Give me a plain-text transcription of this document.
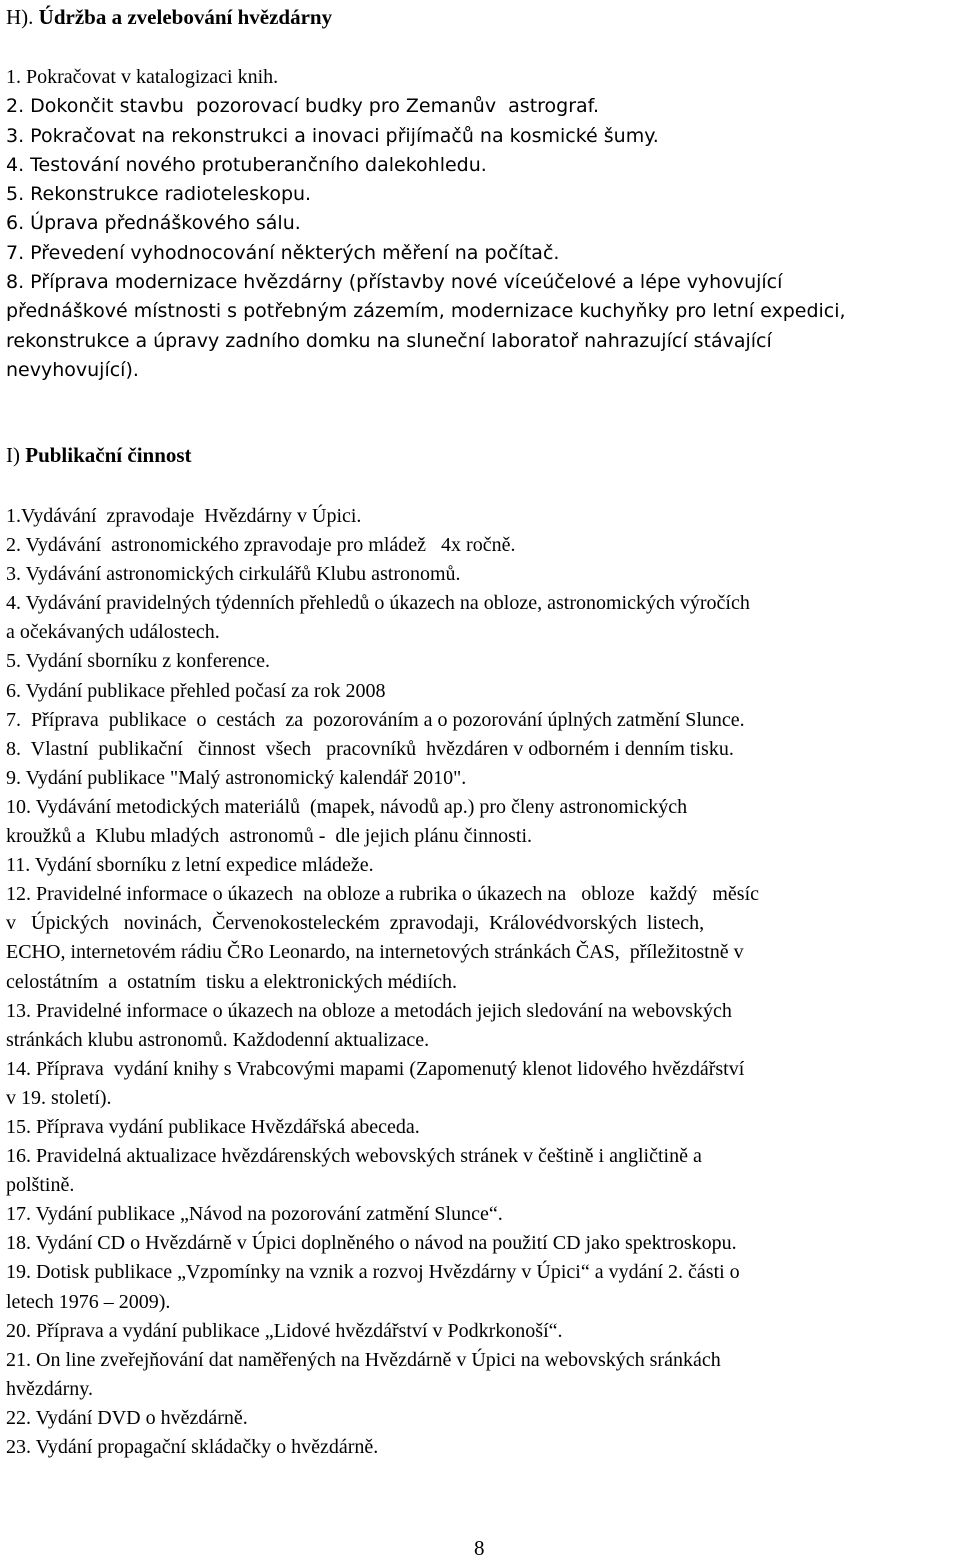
H). Údržba a zvelebování hvězdárny
1. Pokračovat v katalogizaci knih.
2. Dokončit stavbu  pozorovací budky pro Zemanův  astrograf.
3. Pokračovat na rekonstrukci a inovaci přijímačů na kosmické šumy.
4. Testování nového protuberančního dalekohledu.
5. Rekonstrukce radioteleskopu.
6. Úprava přednáškového sálu.
7. Převedení vyhodnocování některých měření na počítač.
8. Příprava modernizace hvězdárny (přístavby nové víceúčelové a lépe vyhovující
přednáškové místnosti s potřebným zázemím, modernizace kuchyňky pro letní expedici,
rekonstrukce a úpravy zadního domku na sluneční laboratoř nahrazující stávající
nevyhovující).
I) Publikační činnost
1.Vydávání  zpravodaje  Hvězdárny v Úpici.
2. Vydávání  astronomického zpravodaje pro mládež   4x ročně.
3. Vydávání astronomických cirkulářů Klubu astronomů.
4. Vydávání pravidelných týdenních přehledů o úkazech na obloze, astronomických výročích
a očekávaných událostech.
5. Vydání sborníku z konference.
6. Vydání publikace přehled počasí za rok 2008
7.  Příprava  publikace  o  cestách  za  pozorováním a o pozorování úplných zatmění Slunce.
8.  Vlastní  publikační   činnost  všech   pracovníků  hvězdáren v odborném i denním tisku.
9. Vydání publikace "Malý astronomický kalendář 2010".
10. Vydávání metodických materiálů  (mapek, návodů ap.) pro členy astronomických
kroužků a  Klubu mladých  astronomů -  dle jejich plánu činnosti.
11. Vydání sborníku z letní expedice mládeže.
12. Pravidelné informace o úkazech  na obloze a rubrika o úkazech na   obloze   každý   měsíc
v   Úpických   novinách,  Červenokosteleckém  zpravodaji,  Královédvorských  listech,
ECHO, internetovém rádiu ČRo Leonardo, na internetových stránkách ČAS,  příležitostně v
celostátním  a  ostatním  tisku a elektronických médiích.
13. Pravidelné informace o úkazech na obloze a metodách jejich sledování na webovských
stránkách klubu astronomů. Každodenní aktualizace.
14. Příprava  vydání knihy s Vrabcovými mapami (Zapomenutý klenot lidového hvězdářství
v 19. století).
15. Příprava vydání publikace Hvězdářská abeceda.
16. Pravidelná aktualizace hvězdárenských webovských stránek v češtině i angličtině a
polštině.
17. Vydání publikace „Návod na pozorování zatmění Slunce“.
18. Vydání CD o Hvězdárně v Úpici doplněného o návod na použití CD jako spektroskopu.
19. Dotisk publikace „Vzpomínky na vznik a rozvoj Hvězdárny v Úpici“ a vydání 2. části o
letech 1976 – 2009).
20. Příprava a vydání publikace „Lidové hvězdářství v Podkrkonoší“.
21. On line zveřejňování dat naměřených na Hvězdárně v Úpici na webovských sránkách
hvězdárny.
22. Vydání DVD o hvězdárně.
23. Vydání propagační skládačky o hvězdárně.
8
